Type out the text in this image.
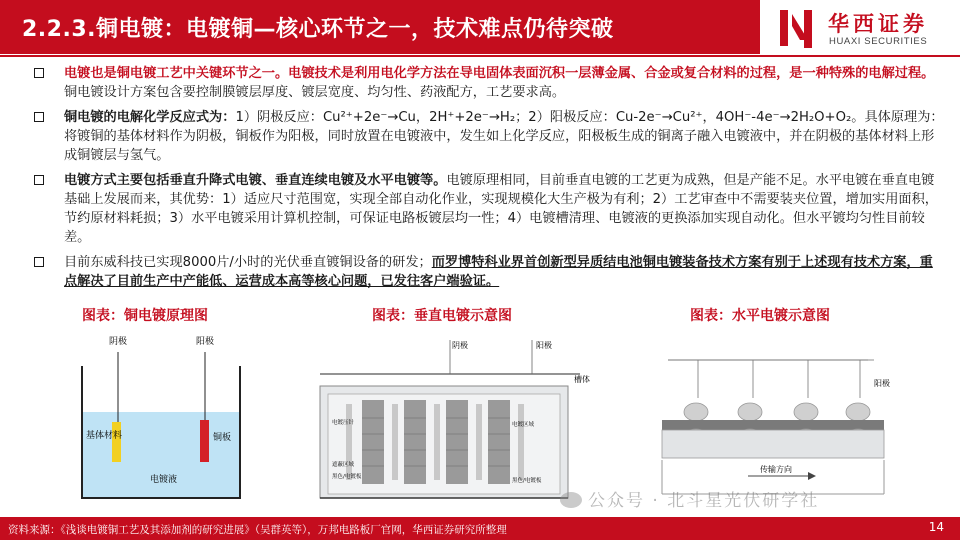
2.2.3.铜电镀：电镀铜—核心环节之一，技术难点仍待突破	华西证券
HUAXI SECURITIES
电镀也是铜电镀工艺中关键环节之一。电镀技术是利用电化学方法在导电固体表面沉积一层薄金属、合金或复合材料的过程，是一种特殊的电解过程。铜电镀设计方案包含要控制膜镀层厚度、镀层宽度、均匀性、药液配方，工艺要求高。
铜电镀的电解化学反应式为：1）阴极反应：Cu²⁺+2e⁻→Cu，2H⁺+2e⁻→H₂；2）阳极反应：Cu-2e⁻→Cu²⁺，4OH⁻-4e⁻→2H₂O+O₂。具体原理为：将镀铜的基体材料作为阴极，铜板作为阳极，同时放置在电镀液中，发生如上化学反应，阳极板生成的铜离子融入电镀液中，并在阴极的基体材料上形成铜镀层与氢气。
电镀方式主要包括垂直升降式电镀、垂直连续电镀及水平电镀等。电镀原理相同，目前垂直电镀的工艺更为成熟，但是产能不足。水平电镀在垂直电镀基础上发展而来，其优势：1）适应尺寸范围宽，实现全部自动化作业，实现规模化大生产极为有利；2）工艺审查中不需要装夹位置，增加实用面积，节约原材料耗损；3）水平电镀采用计算机控制，可保证电路板镀层均一性；4）电镀槽清理、电镀液的更换添加实现自动化。但水平镀均匀性目前较差。
目前东威科技已实现8000片/小时的光伏垂直镀铜设备的研发；而罗博特科业界首创新型异质结电池铜电镀装备技术方案有别于上述现有技术方案，重点解决了目前生产中产能低、运营成本高等核心问题，已发往客户端验证。
图表：铜电镀原理图	图表：垂直电镀示意图	图表：水平电镀示意图
阴极	阳极
基体材料	铜板
电镀液
阴极	阳极
槽体
电镀压针	电镀区域
遮蔽区域
黑色/电镀板
黑色/电镀板
阳极
传输方向
公众号 · 北斗星光伏研学社
资料来源：《浅谈电镀铜工艺及其添加剂的研究进展》（吴群英等），万邦电路板厂官网，华西证券研究所整理	14
